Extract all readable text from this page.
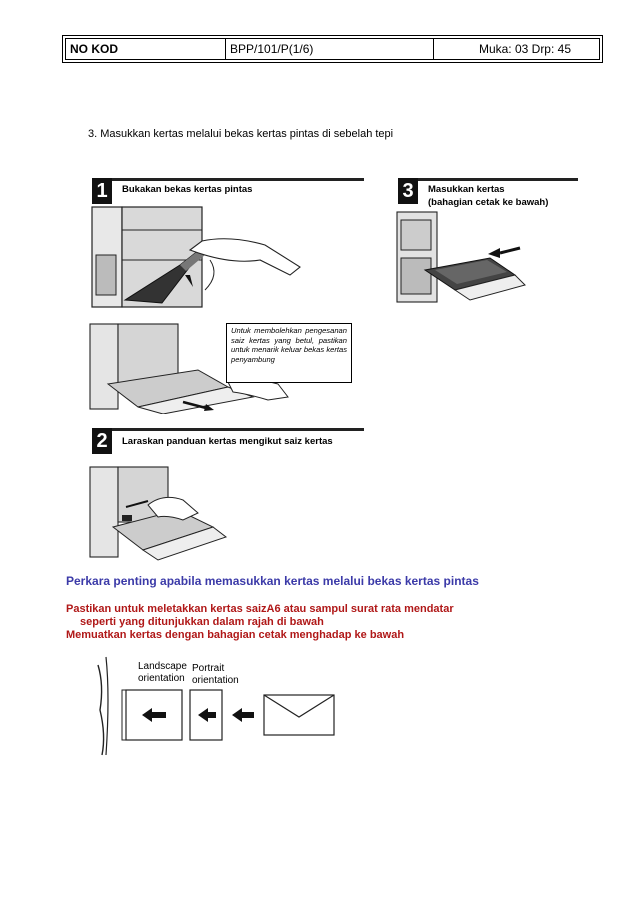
NO KOD	BPP/101/P(1/6)	Muka: 03 Drp: 45
3. Masukkan kertas melalui bekas kertas pintas di sebelah tepi
1	Bukakan bekas kertas pintas	3	Masukkan kertas
(bahagian cetak ke bawah)
Untuk membolehkan pengesanan saiz kertas yang betul, pastikan untuk menarik keluar bekas kertas penyambung
2	Laraskan panduan kertas mengikut saiz kertas
Perkara penting apabila memasukkan kertas melalui bekas kertas pintas
Pastikan untuk meletakkan kertas saizA6 atau sampul surat rata mendatar
seperti yang ditunjukkan dalam rajah di bawah
Memuatkan kertas dengan bahagian cetak menghadap ke bawah
Landscape
orientation
Portrait
orientation
